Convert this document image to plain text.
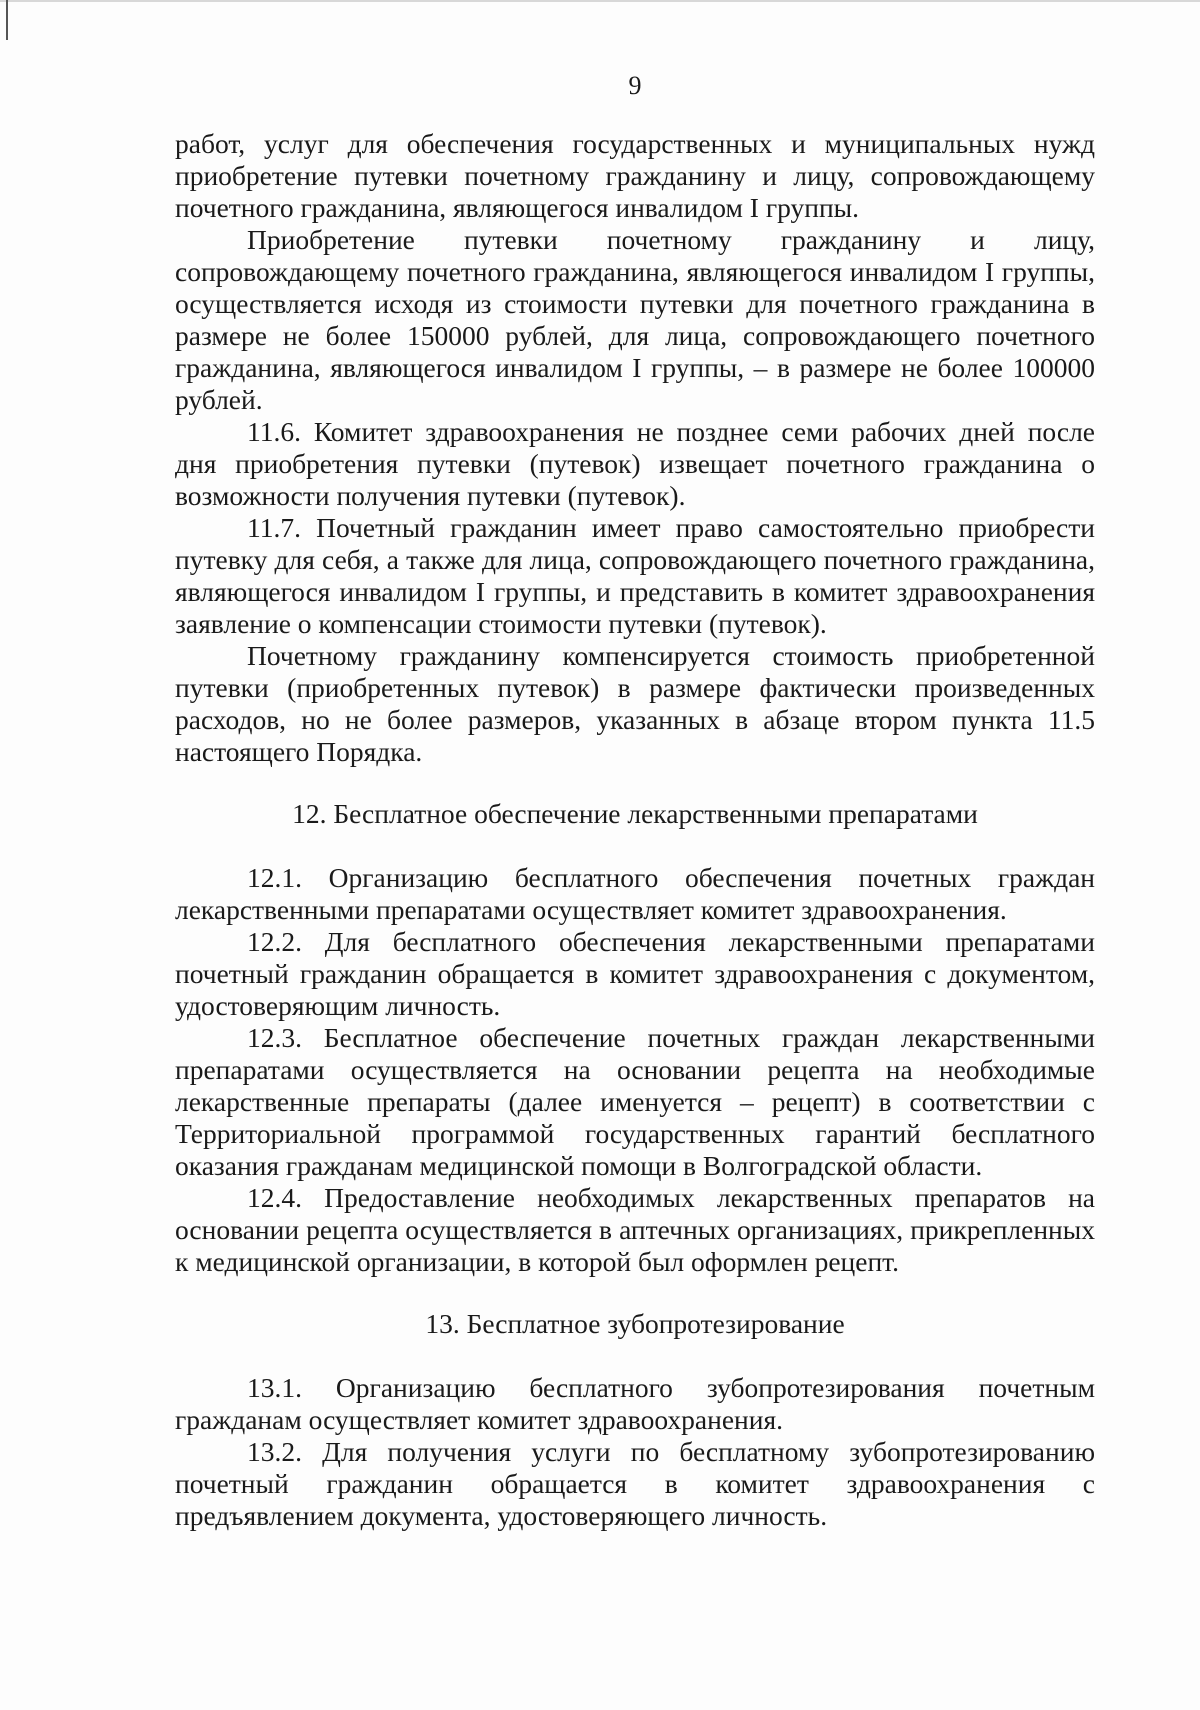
9

работ, услуг для обеспечения государственных и муниципальных нужд приобретение путевки почетному гражданину и лицу, сопровождающему почетного гражданина, являющегося инвалидом I группы.

Приобретение путевки почетному гражданину и лицу, сопровождающему почетного гражданина, являющегося инвалидом I группы, осуществляется исходя из стоимости путевки для почетного гражданина в размере не более 150000 рублей, для лица, сопровождающего почетного гражданина, являющегося инвалидом I группы, – в размере не более 100000 рублей.

11.6. Комитет здравоохранения не позднее семи рабочих дней после дня приобретения путевки (путевок) извещает почетного гражданина о возможности получения путевки (путевок).

11.7. Почетный гражданин имеет право самостоятельно приобрести путевку для себя, а также для лица, сопровождающего почетного гражданина, являющегося инвалидом I группы, и представить в комитет здравоохранения заявление о компенсации стоимости путевки (путевок).

Почетному гражданину компенсируется стоимость приобретенной путевки (приобретенных путевок) в размере фактически произведенных расходов, но не более размеров, указанных в абзаце втором пункта 11.5 настоящего Порядка.

12. Бесплатное обеспечение лекарственными препаратами

12.1. Организацию бесплатного обеспечения почетных граждан лекарственными препаратами осуществляет комитет здравоохранения.

12.2. Для бесплатного обеспечения лекарственными препаратами почетный гражданин обращается в комитет здравоохранения с документом, удостоверяющим личность.

12.3. Бесплатное обеспечение почетных граждан лекарственными препаратами осуществляется на основании рецепта на необходимые лекарственные препараты (далее именуется – рецепт) в соответствии с Территориальной программой государственных гарантий бесплатного оказания гражданам медицинской помощи в Волгоградской области.

12.4. Предоставление необходимых лекарственных препаратов на основании рецепта осуществляется в аптечных организациях, прикрепленных к медицинской организации, в которой был оформлен рецепт.

13. Бесплатное зубопротезирование

13.1. Организацию бесплатного зубопротезирования почетным гражданам осуществляет комитет здравоохранения.

13.2. Для получения услуги по бесплатному зубопротезированию почетный гражданин обращается в комитет здравоохранения с предъявлением документа, удостоверяющего личность.
